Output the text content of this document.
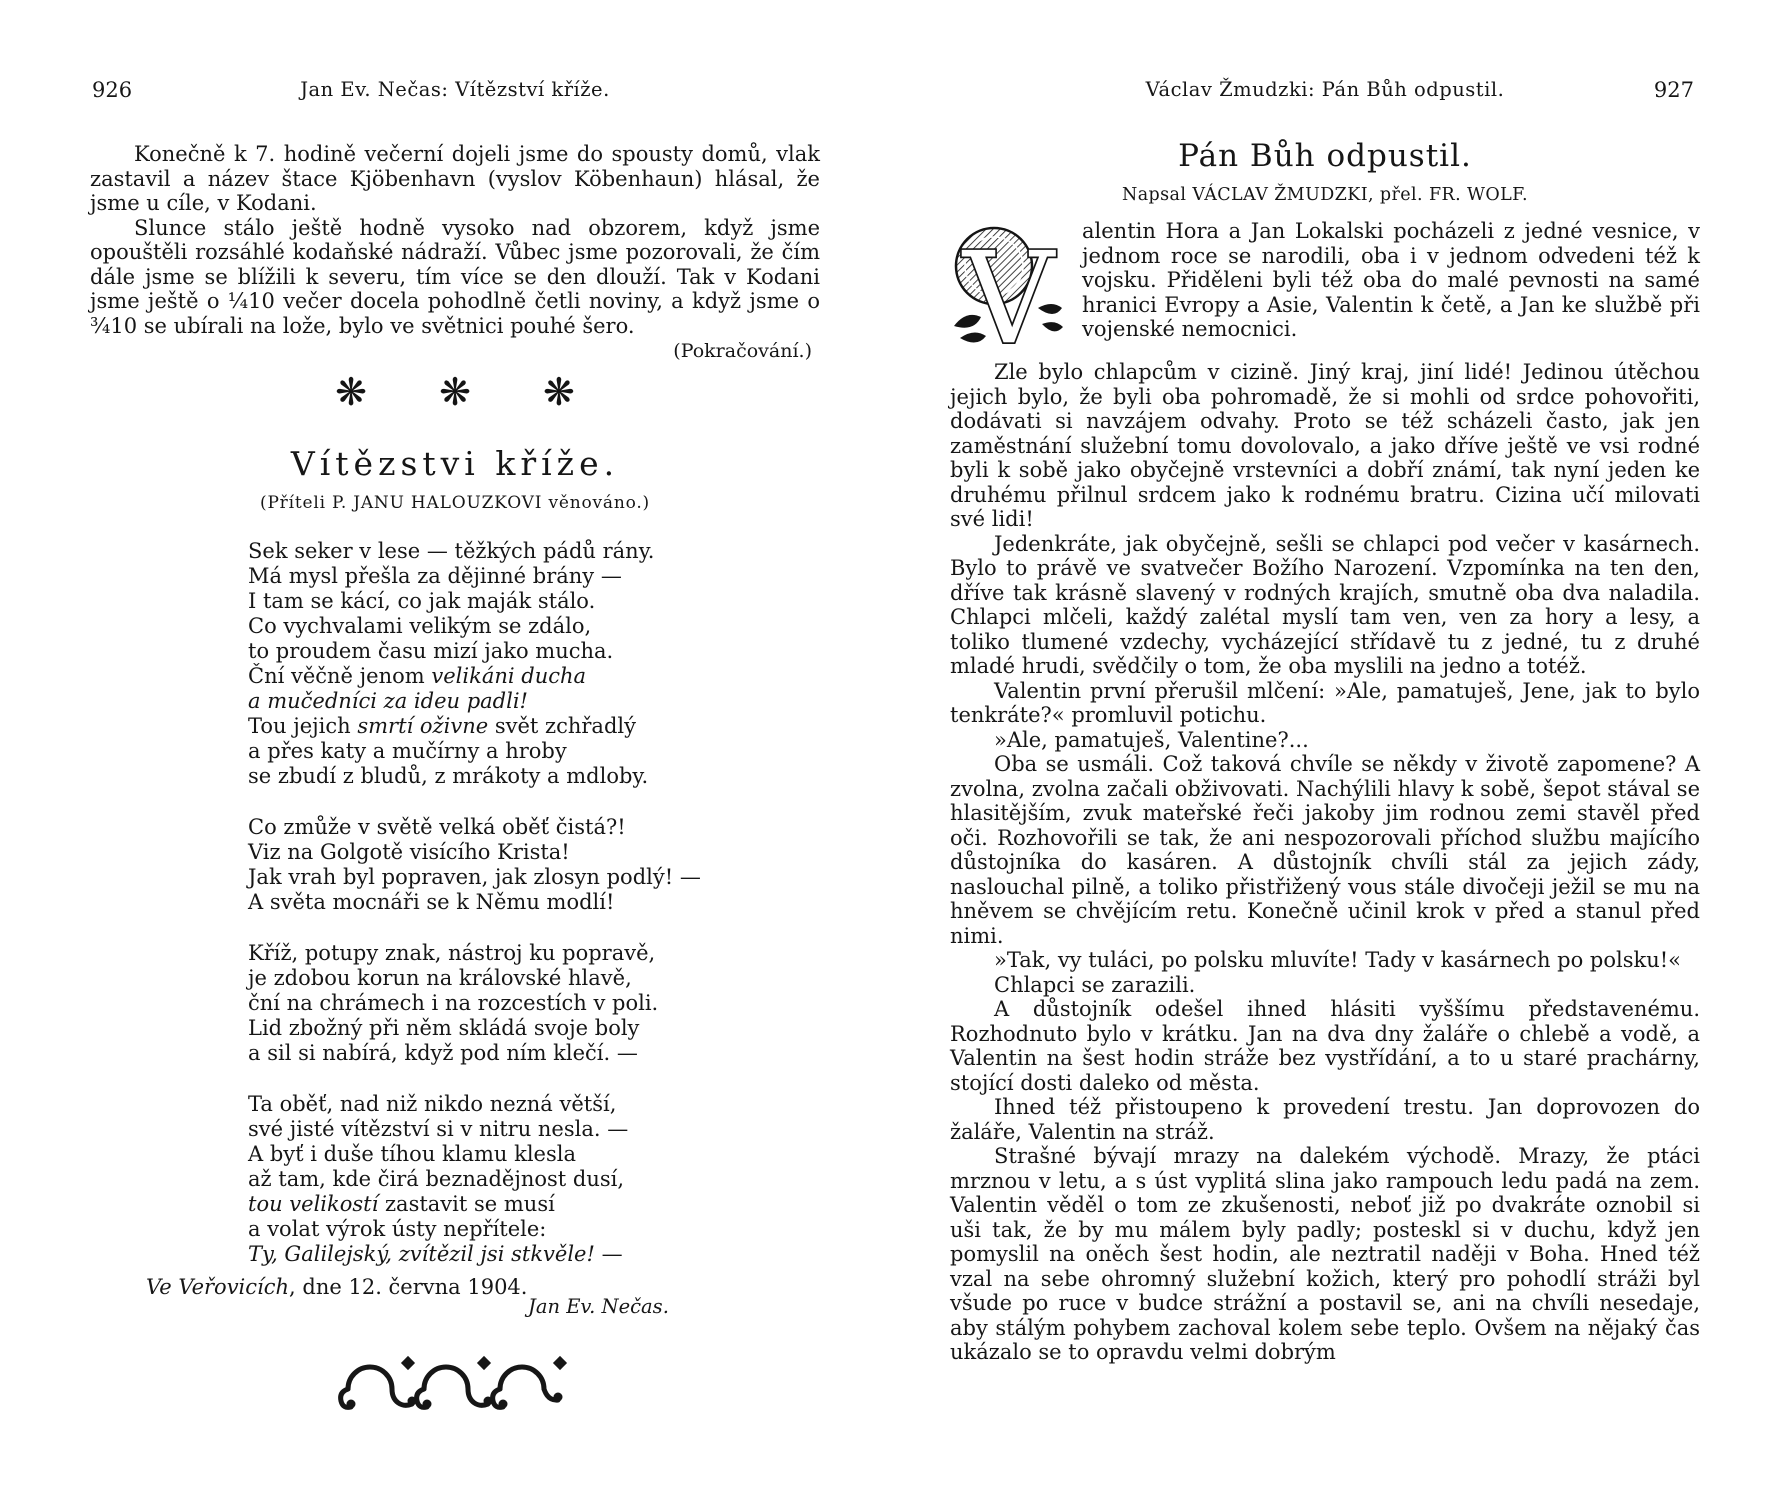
926	Jan Ev. Nečas: Vítězství kříže.

Konečně k 7. hodině večerní dojeli jsme do spousty domů, vlak zastavil a název štace Kjöbenhavn (vyslov Köbenhaun) hlásal, že jsme u cíle, v Kodani.

Slunce stálo ještě hodně vysoko nad obzorem, když jsme opouštěli rozsáhlé kodaňské nádraží. Vůbec jsme pozorovali, že čím dále jsme se blížili k severu, tím více se den dlouží. Tak v Kodani jsme ještě o ¼10 večer docela pohodlně četli noviny, a když jsme o ¾10 se ubírali na lože, bylo ve světnici pouhé šero.

(Pokračování.)
❋ ❋ ❋
Vítězstvi kříže.
(Příteli P. JANU HALOUZKOVI věnováno.)
Sek seker v lese — těžkých pádů rány.
Má mysl přešla za dějinné brány —
I tam se kácí, co jak maják stálo.
Co vychvalami velikým se zdálo,
to proudem času mizí jako mucha.
Ční věčně jenom velikáni ducha
a mučedníci za ideu padli!
Tou jejich smrtí oživne svět zchřadlý
a přes katy a mučírny a hroby
se zbudí z bludů, z mrákoty a mdloby.
Co zmůže v světě velká oběť čistá?!
Viz na Golgotě visícího Krista!
Jak vrah byl popraven, jak zlosyn podlý! —
A světa mocnáři se k Němu modlí!
Kříž, potupy znak, nástroj ku popravě,
je zdobou korun na královské hlavě,
ční na chrámech i na rozcestích v poli.
Lid zbožný při něm skládá svoje boly
a sil si nabírá, když pod ním klečí. —
Ta oběť, nad niž nikdo nezná větší,
své jisté vítězství si v nitru nesla. —
A byť i duše tíhou klamu klesla
až tam, kde čirá beznadějnost dusí,
tou velikostí zastavit se musí
a volat výrok ústy nepřítele:
Ty, Galilejský, zvítězil jsi stkvěle! —
Ve Veřovicích, dne 12. června 1904.
Jan Ev. Nečas.
Václav Žmudzki: Pán Bůh odpustil.	927
Pán Bůh odpustil.
Napsal VÁCLAV ŽMUDZKI, přel. FR. WOLF.

V alentin Hora a Jan Lokalski pocházeli z jedné vesnice, v jednom roce se narodili, oba i v jednom odvedeni též k vojsku. Přiděleni byli též oba do malé pevnosti na samé hranici Evropy a Asie, Valentin k četě, a Jan ke službě při vojenské nemocnici.

Zle bylo chlapcům v cizině. Jiný kraj, jiní lidé! Jedinou útěchou jejich bylo, že byli oba pohromadě, že si mohli od srdce pohovořiti, dodávati si navzájem odvahy. Proto se též scházeli často, jak jen zaměstnání služební tomu dovolovalo, a jako dříve ještě ve vsi rodné byli k sobě jako obyčejně vrstevníci a dobří známí, tak nyní jeden ke druhému přilnul srdcem jako k rodnému bratru. Cizina učí milovati své lidi!

Jedenkráte, jak obyčejně, sešli se chlapci pod večer v kasárnech. Bylo to právě ve svatvečer Božího Narození. Vzpomínka na ten den, dříve tak krásně slavený v rodných krajích, smutně oba dva naladila. Chlapci mlčeli, každý zalétal myslí tam ven, ven za hory a lesy, a toliko tlumené vzdechy, vycházející střídavě tu z jedné, tu z druhé mladé hrudi, svědčily o tom, že oba myslili na jedno a totéž.

Valentin první přerušil mlčení: »Ale, pamatuješ, Jene, jak to bylo tenkráte?« promluvil potichu.

»Ale, pamatuješ, Valentine?...

Oba se usmáli. Což taková chvíle se někdy v životě zapomene? A zvolna, zvolna začali obživovati. Nachýlili hlavy k sobě, šepot stával se hlasitějším, zvuk mateřské řeči jakoby jim rodnou zemi stavěl před oči. Rozhovořili se tak, že ani nespozorovali příchod službu majícího důstojníka do kasáren. A důstojník chvíli stál za jejich zády, naslouchal pilně, a toliko přistřižený vous stále divočeji ježil se mu na hněvem se chvějícím retu. Konečně učinil krok v před a stanul před nimi.

»Tak, vy tuláci, po polsku mluvíte! Tady v kasárnech po polsku!«

Chlapci se zarazili.

A důstojník odešel ihned hlásiti vyššímu představenému. Rozhodnuto bylo v krátku. Jan na dva dny žaláře o chlebě a vodě, a Valentin na šest hodin stráže bez vystřídání, a to u staré prachárny, stojící dosti daleko od města.

Ihned též přistoupeno k provedení trestu. Jan doprovozen do žaláře, Valentin na stráž.

Strašné bývají mrazy na dalekém východě. Mrazy, že ptáci mrznou v letu, a s úst vyplitá slina jako rampouch ledu padá na zem. Valentin věděl o tom ze zkušenosti, neboť již po dvakráte oznobil si uši tak, že by mu málem byly padly; posteskl si v duchu, když jen pomyslil na oněch šest hodin, ale neztratil naději v Boha. Hned též vzal na sebe ohromný služební kožich, který pro pohodlí stráži byl všude po ruce v budce strážní a postavil se, ani na chvíli nesedaje, aby stálým pohybem zachoval kolem sebe teplo. Ovšem na nějaký čas ukázalo se to opravdu velmi dobrým
